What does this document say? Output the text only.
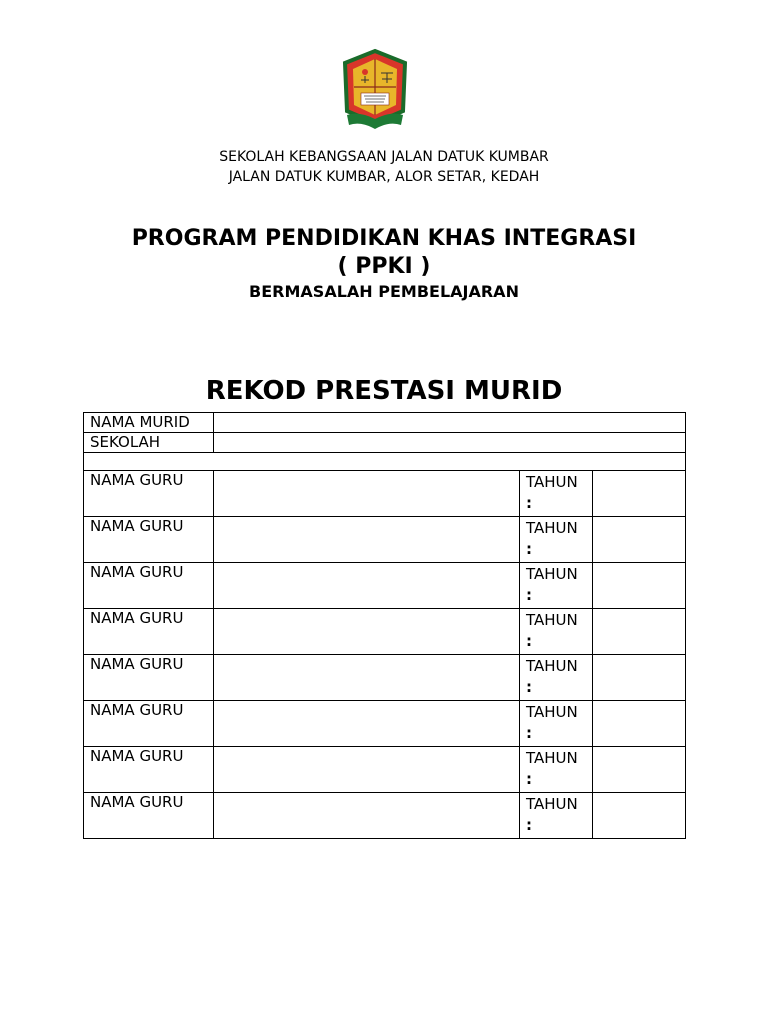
SEKOLAH KEBANGSAAN JALAN DATUK KUMBAR
JALAN DATUK KUMBAR, ALOR SETAR, KEDAH
PROGRAM PENDIDIKAN KHAS INTEGRASI
( PPKI )
BERMASALAH PEMBELAJARAN
REKOD PRESTASI MURID
NAMA MURID			
SEKOLAH			

NAMA GURU		TAHUN
:	

NAMA GURU		TAHUN
:	

NAMA GURU		TAHUN
:	

NAMA GURU		TAHUN
:	

NAMA GURU		TAHUN
:	

NAMA GURU		TAHUN
:	

NAMA GURU		TAHUN
:	

NAMA GURU		TAHUN
:	
